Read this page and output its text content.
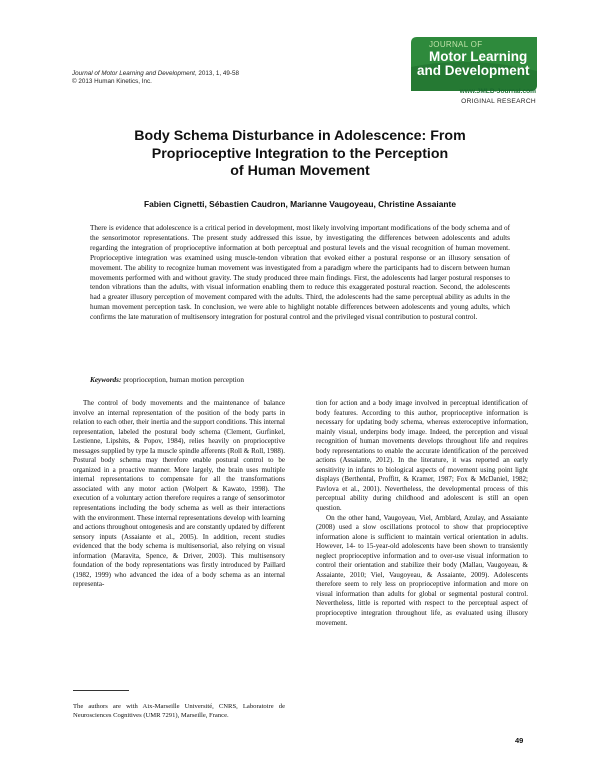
Journal of Motor Learning and Development, 2013, 1, 49-58
© 2013 Human Kinetics, Inc.
JOURNAL OF
Motor Learning
and Development
www.JMLD-Journal.com
ORIGINAL RESEARCH
Body Schema Disturbance in Adolescence: From
Proprioceptive Integration to the Perception
of Human Movement
Fabien Cignetti, Sébastien Caudron, Marianne Vaugoyeau, Christine Assaiante
There is evidence that adolescence is a critical period in development, most likely involving important modifications of the body schema and of the sensorimotor representations. The present study addressed this issue, by investigating the differences between adolescents and adults regarding the integration of proprioceptive information at both perceptual and postural levels and the visual recognition of human movement. Proprioceptive integration was examined using muscle-tendon vibration that evoked either a postural response or an illusory sensation of movement. The ability to recognize human movement was investigated from a paradigm where the participants had to discern between human movements performed with and without gravity. The study produced three main findings. First, the adolescents had larger postural responses to tendon vibrations than the adults, with visual information enabling them to reduce this exaggerated postural reaction. Second, the adolescents had a greater illusory perception of movement compared with the adults. Third, the adolescents had the same perceptual ability as adults in the human movement perception task. In conclusion, we were able to highlight notable differences between adolescents and young adults, which confirms the late maturation of multisensory integration for postural control and the privileged visual contribution to postural control.
Keywords: proprioception, human motion perception

The control of body movements and the maintenance of balance involve an internal representation of the position of the body parts in relation to each other, their inertia and the support conditions. This internal representation, labeled the postural body schema (Clement, Gurfinkel, Lestienne, Lipshits, & Popov, 1984), relies heavily on proprioceptive messages supplied by type Ia muscle spindle afferents (Roll & Roll, 1988). Postural body schema may therefore enable postural control to be organized in a proactive manner. More largely, the brain uses multiple internal representations to compensate for all the transformations associated with any motor action (Wolpert & Kawato, 1998). The execution of a voluntary action therefore requires a range of sensorimotor representations including the body schema as well as their interactions with the environment. These internal representations develop with learning and actions throughout ontogenesis and are constantly updated by different sensory inputs (Assaiante et al., 2005). In addition, recent studies evidenced that the body schema is multisensorial, also relying on visual information (Maravita, Spence, & Driver, 2003). This multisensory foundation of the body representations was firstly introduced by Paillard (1982, 1999) who advanced the idea of a body schema as an internal representa-

tion for action and a body image involved in perceptual identification of body features. According to this author, proprioceptive information is necessary for updating body schema, whereas exteroceptive information, mainly visual, underpins body image. Indeed, the perception and visual recognition of human movements develops throughout life and requires body representations to enable the accurate identification of the perceived actions (Assaiante, 2012). In the literature, it was reported an early sensitivity in infants to biological aspects of movement using point light displays (Berthental, Proffitt, & Kramer, 1987; Fox & McDaniel, 1982; Pavlova et al., 2001). Nevertheless, the developmental process of this perceptual ability during childhood and adolescent is still an open question.

On the other hand, Vaugoyeau, Viel, Amblard, Azulay, and Assaiante (2008) used a slow oscillations protocol to show that proprioceptive information alone is sufficient to maintain vertical orientation in adults. However, 14- to 15-year-old adolescents have been shown to transiently neglect proprioceptive information and to over-use visual information to control their orientation and stabilize their body (Mallau, Vaugoyeau, & Assaiante, 2010; Viel, Vaugoyeau, & Assaiante, 2009). Adolescents therefore seem to rely less on proprioceptive information and more on visual information than adults for global or segmental postural control. Nevertheless, little is reported with respect to the perceptual aspect of proprioceptive integration throughout life, as evaluated using illusory movement.

The authors are with Aix-Marseille Université, CNRS, Laboratoire de Neurosciences Cognitives (UMR 7291), Marseille, France.
49
